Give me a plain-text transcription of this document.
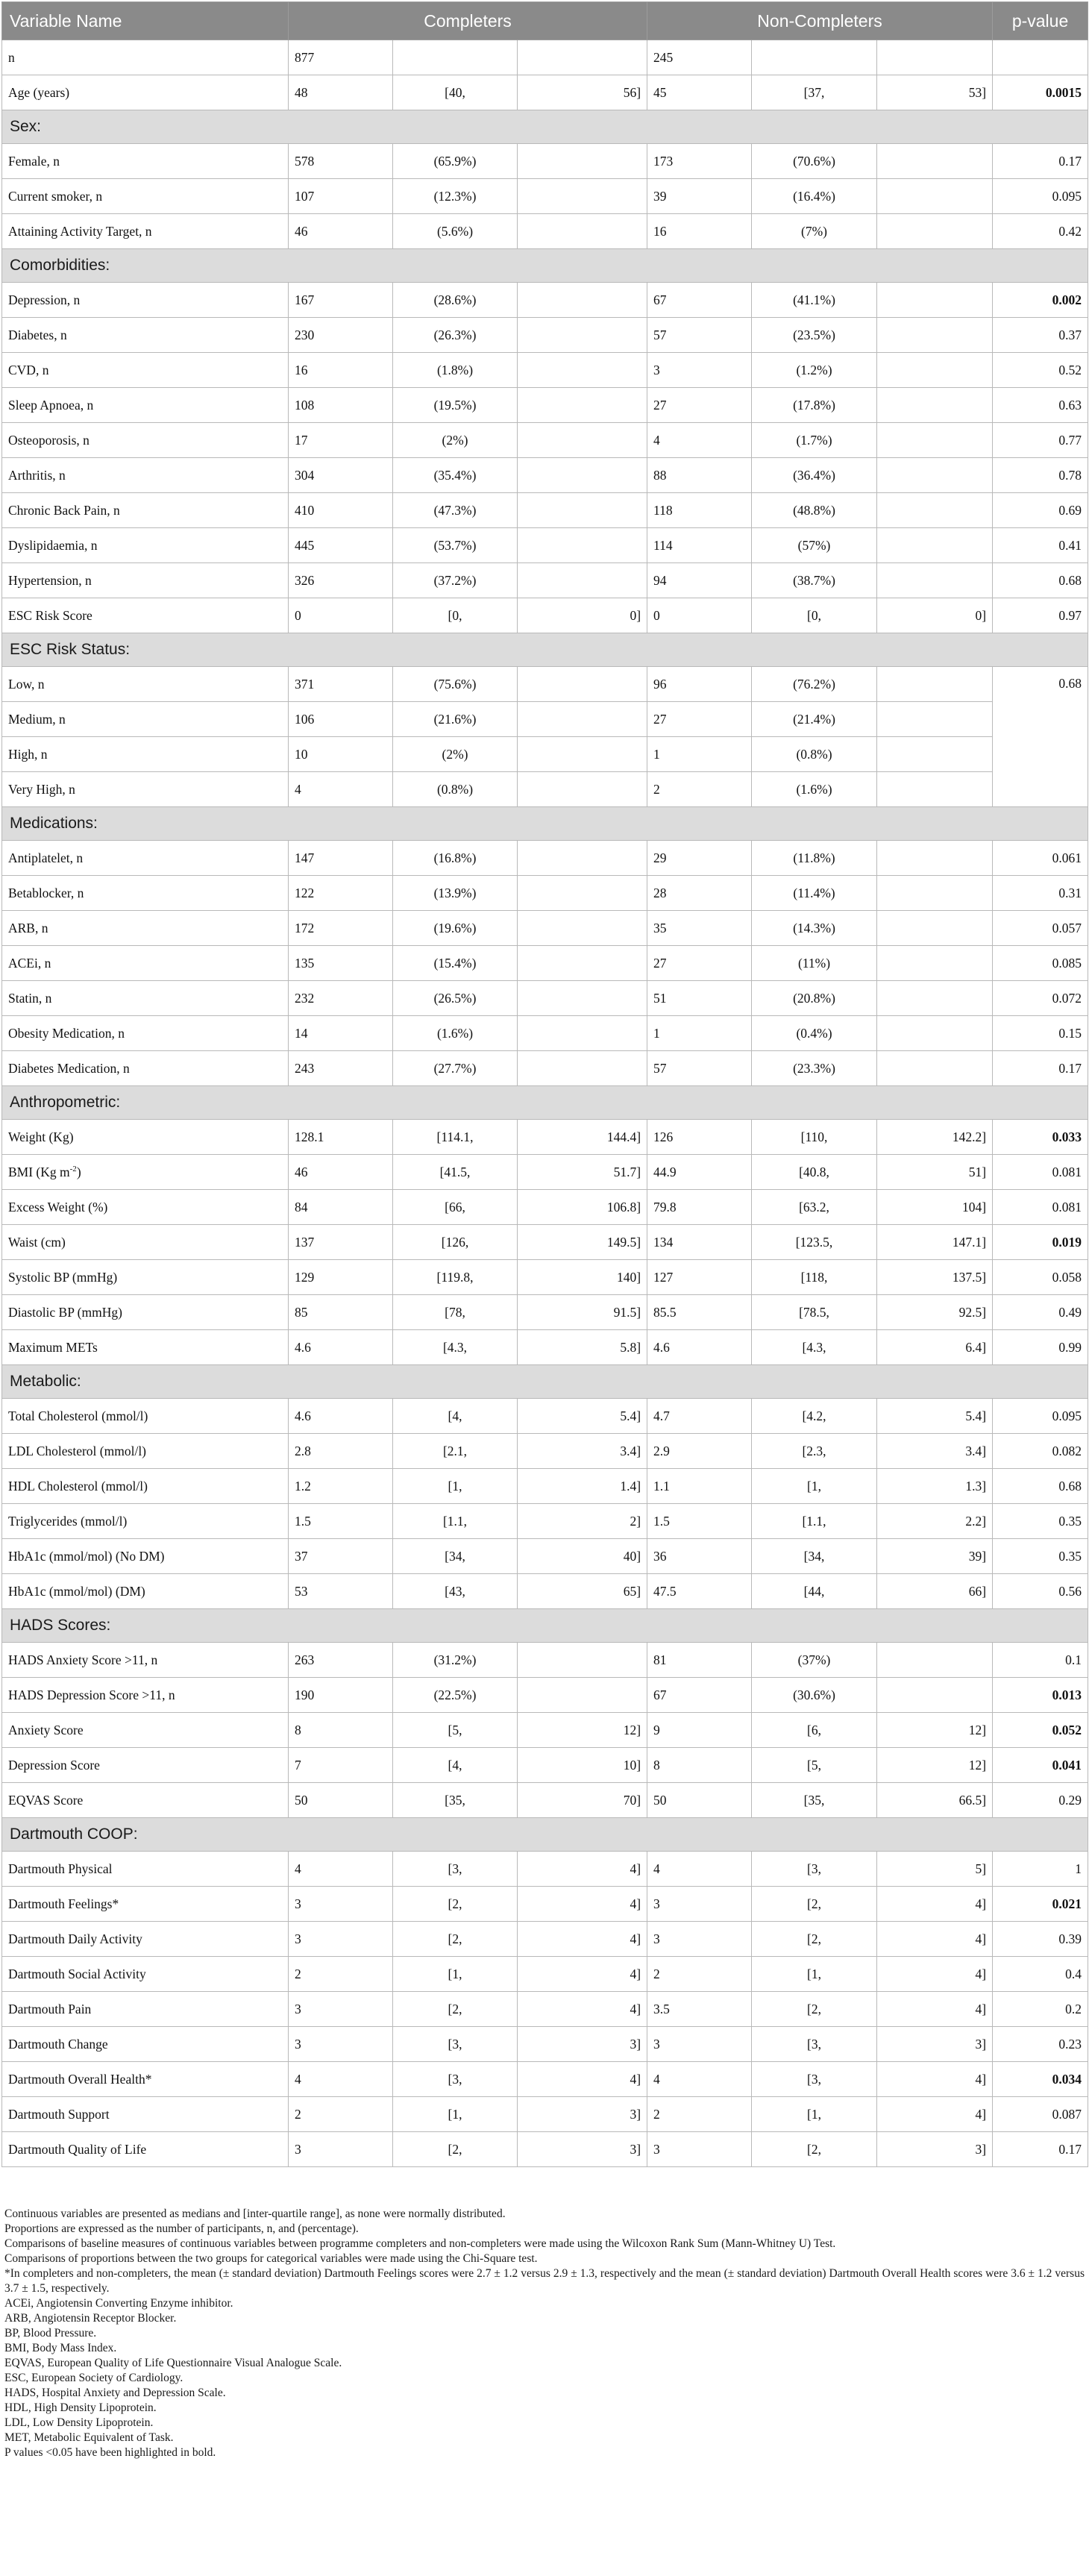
Variable Name	Completers			Non-Completers			p-value
n	877			245			
Age (years)	48	[40,	56]	45	[37,	53]	0.0015
Sex:							
Female, n	578	(65.9%)		173	(70.6%)		0.17
Current smoker, n	107	(12.3%)		39	(16.4%)		0.095
Attaining Activity Target, n	46	(5.6%)		16	(7%)		0.42
Comorbidities:							
Depression, n	167	(28.6%)		67	(41.1%)		0.002
Diabetes, n	230	(26.3%)		57	(23.5%)		0.37
CVD, n	16	(1.8%)		3	(1.2%)		0.52
Sleep Apnoea, n	108	(19.5%)		27	(17.8%)		0.63
Osteoporosis, n	17	(2%)		4	(1.7%)		0.77
Arthritis, n	304	(35.4%)		88	(36.4%)		0.78
Chronic Back Pain, n	410	(47.3%)		118	(48.8%)		0.69
Dyslipidaemia, n	445	(53.7%)		114	(57%)		0.41
Hypertension, n	326	(37.2%)		94	(38.7%)		0.68
ESC Risk Score	0	[0,	0]	0	[0,	0]	0.97
ESC Risk Status:							
Low, n	371	(75.6%)		96	(76.2%)		0.68
Medium, n	106	(21.6%)		27	(21.4%)		
High, n	10	(2%)		1	(0.8%)		
Very High, n	4	(0.8%)		2	(1.6%)		
Medications:							
Antiplatelet, n	147	(16.8%)		29	(11.8%)		0.061
Betablocker, n	122	(13.9%)		28	(11.4%)		0.31
ARB, n	172	(19.6%)		35	(14.3%)		0.057
ACEi, n	135	(15.4%)		27	(11%)		0.085
Statin, n	232	(26.5%)		51	(20.8%)		0.072
Obesity Medication, n	14	(1.6%)		1	(0.4%)		0.15
Diabetes Medication, n	243	(27.7%)		57	(23.3%)		0.17
Anthropometric:							
Weight (Kg)	128.1	[114.1,	144.4]	126	[110,	142.2]	0.033
BMI (Kg $m^{-2}$)	46	[41.5,	51.7]	44.9	[40.8,	51]	0.081
Excess Weight (%)	84	[66,	106.8]	79.8	[63.2,	104]	0.081
Waist (cm)	137	[126,	149.5]	134	[123.5,	147.1]	0.019
Systolic BP (mmHg)	129	[119.8,	140]	127	[118,	137.5]	0.058
Diastolic BP (mmHg)	85	[78,	91.5]	85.5	[78.5,	92.5]	0.49
Maximum METs	4.6	[4.3,	5.8]	4.6	[4.3,	6.4]	0.99
Metabolic:							
Total Cholesterol (mmol/l)	4.6	[4,	5.4]	4.7	[4.2,	5.4]	0.095
LDL Cholesterol (mmol/l)	2.8	[2.1,	3.4]	2.9	[2.3,	3.4]	0.082
HDL Cholesterol (mmol/l)	1.2	[1,	1.4]	1.1	[1,	1.3]	0.68
Triglycerides (mmol/l)	1.5	[1.1,	2]	1.5	[1.1,	2.2]	0.35
HbA1c (mmol/mol) (No DM)	37	[34,	40]	36	[34,	39]	0.35
HbA1c (mmol/mol) (DM)	53	[43,	65]	47.5	[44,	66]	0.56
HADS Scores:							
HADS Anxiety Score >11, n	263	(31.2%)		81	(37%)		0.1
HADS Depression Score >11, n	190	(22.5%)		67	(30.6%)		0.013
Anxiety Score	8	[5,	12]	9	[6,	12]	0.052
Depression Score	7	[4,	10]	8	[5,	12]	0.041
EQVAS Score	50	[35,	70]	50	[35,	66.5]	0.29
Dartmouth COOP:							
Dartmouth Physical	4	[3,	4]	4	[3,	5]	1
Dartmouth Feelings*	3	[2,	4]	3	[2,	4]	0.021
Dartmouth Daily Activity	3	[2,	4]	3	[2,	4]	0.39
Dartmouth Social Activity	2	[1,	4]	2	[1,	4]	0.4
Dartmouth Pain	3	[2,	4]	3.5	[2,	4]	0.2
Dartmouth Change	3	[3,	3]	3	[3,	3]	0.23
Dartmouth Overall Health*	4	[3,	4]	4	[3,	4]	0.034
Dartmouth Support	2	[1,	3]	2	[1,	4]	0.087
Dartmouth Quality of Life	3	[2,	3]	3	[2,	3]	0.17

Continuous variables are presented as medians and [inter-quartile range], as none were normally distributed.

Proportions are expressed as the number of participants, n, and (percentage).

Comparisons of baseline measures of continuous variables between programme completers and non-completers were made using the Wilcoxon Rank Sum (Mann-Whitney U) Test.

Comparisons of proportions between the two groups for categorical variables were made using the Chi-Square test.

*In completers and non-completers, the mean (± standard deviation) Dartmouth Feelings scores were 2.7 ± 1.2 versus 2.9 ± 1.3, respectively and the mean (± standard deviation) Dartmouth Overall Health scores were 3.6 ± 1.2 versus 3.7 ± 1.5, respectively.

ACEi, Angiotensin Converting Enzyme inhibitor.

ARB, Angiotensin Receptor Blocker.

BP, Blood Pressure.

BMI, Body Mass Index.

EQVAS, European Quality of Life Questionnaire Visual Analogue Scale.

ESC, European Society of Cardiology.

HADS, Hospital Anxiety and Depression Scale.

HDL, High Density Lipoprotein.

LDL, Low Density Lipoprotein.

MET, Metabolic Equivalent of Task.

P values <0.05 have been highlighted in bold.
